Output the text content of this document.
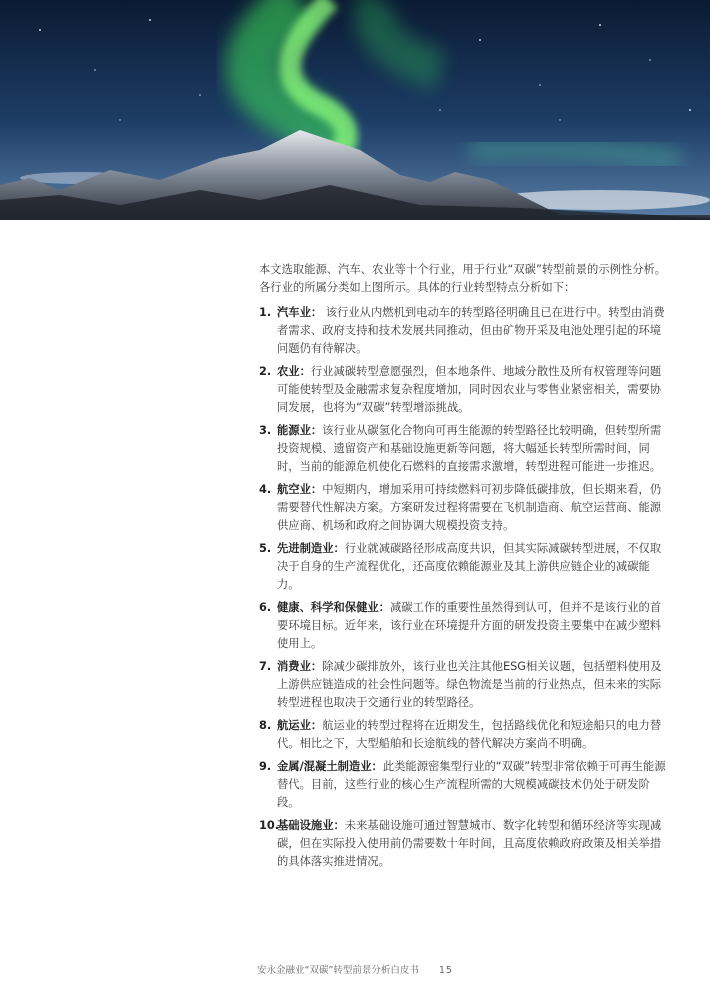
本文选取能源、汽车、农业等十个行业，用于行业“双碳”转型前景的示例性分析。各行业的所属分类如上图所示。具体的行业转型特点分析如下：

1. 汽车业： 该行业从内燃机到电动车的转型路径明确且已在进行中。转型由消费者需求、政府支持和技术发展共同推动，但由矿物开采及电池处理引起的环境问题仍有待解决。
2. 农业：行业减碳转型意愿强烈，但本地条件、地域分散性及所有权管理等问题可能使转型及金融需求复杂程度增加，同时因农业与零售业紧密相关，需要协同发展，也将为“双碳”转型增添挑战。
3. 能源业：该行业从碳氢化合物向可再生能源的转型路径比较明确，但转型所需投资规模、遗留资产和基础设施更新等问题，将大幅延长转型所需时间，同时，当前的能源危机使化石燃料的直接需求激增，转型进程可能进一步推迟。
4. 航空业：中短期内，增加采用可持续燃料可初步降低碳排放，但长期来看，仍需要替代性解决方案。方案研发过程将需要在飞机制造商、航空运营商、能源供应商、机场和政府之间协调大规模投资支持。
5. 先进制造业：行业就减碳路径形成高度共识，但其实际减碳转型进展，不仅取决于自身的生产流程优化，还高度依赖能源业及其上游供应链企业的减碳能力。
6. 健康、科学和保健业：减碳工作的重要性虽然得到认可，但并不是该行业的首要环境目标。近年来，该行业在环境提升方面的研发投资主要集中在减少塑料使用上。
7. 消费业：除减少碳排放外，该行业也关注其他ESG相关议题，包括塑料使用及上游供应链造成的社会性问题等。绿色物流是当前的行业热点，但未来的实际转型进程也取决于交通行业的转型路径。
8. 航运业：航运业的转型过程将在近期发生，包括路线优化和短途船只的电力替代。相比之下，大型船舶和长途航线的替代解决方案尚不明确。
9. 金属/混凝土制造业：此类能源密集型行业的“双碳”转型非常依赖于可再生能源替代。目前，这些行业的核心生产流程所需的大规模减碳技术仍处于研发阶段。
10.
基础设施业：未来基础设施可通过智慧城市、数字化转型和循环经济等实现减碳，但在实际投入使用前仍需要数十年时间，且高度依赖政府政策及相关举措的具体落实推进情况。
安永金融业“双碳”转型前景分析白皮书 15
